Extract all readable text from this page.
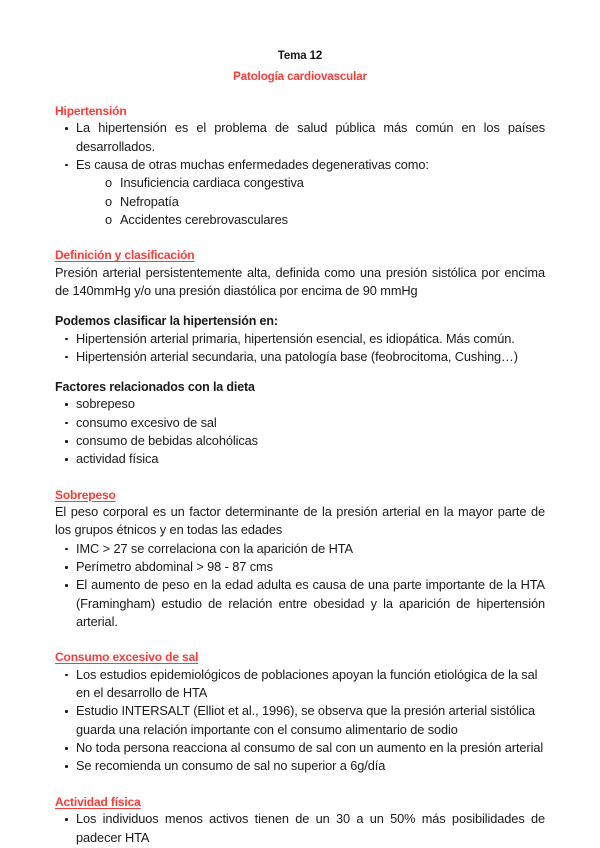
Tema 12
Patología cardiovascular
Hipertensión
La hipertensión es el problema de salud pública más común en los países desarrollados.
Es causa de otras muchas enfermedades degenerativas como:
o Insuficiencia cardiaca congestiva
o Nefropatía
o Accidentes cerebrovasculares
Definición y clasificación
Presión arterial persistentemente alta, definida como una presión sistólica por encima de 140mmHg y/o una presión diastólica por encima de 90 mmHg
Podemos clasificar la hipertensión en:
Hipertensión arterial primaria, hipertensión esencial, es idiopática. Más común.
Hipertensión arterial secundaria, una patología base (feobrocitoma, Cushing…)
Factores relacionados con la dieta
sobrepeso
consumo excesivo de sal
consumo de bebidas alcohólicas
actividad física
Sobrepeso
El peso corporal es un factor determinante de la presión arterial en la mayor parte de los grupos étnicos y en todas las edades
IMC > 27 se correlaciona con la aparición de HTA
Perímetro abdominal > 98 - 87 cms
El aumento de peso en la edad adulta es causa de una parte importante de la HTA (Framingham) estudio de relación entre obesidad y la aparición de hipertensión arterial.
Consumo excesivo de sal
Los estudios epidemiológicos de poblaciones apoyan la función etiológica de la sal en el desarrollo de HTA
Estudio INTERSALT (Elliot et al., 1996), se observa que la presión arterial sistólica guarda una relación importante con el consumo alimentario de sodio
No toda persona reacciona al consumo de sal con un aumento en la presión arterial
Se recomienda un consumo de sal no superior a 6g/día
Actividad física
Los individuos menos activos tienen de un 30 a un 50% más posibilidades de padecer HTA
